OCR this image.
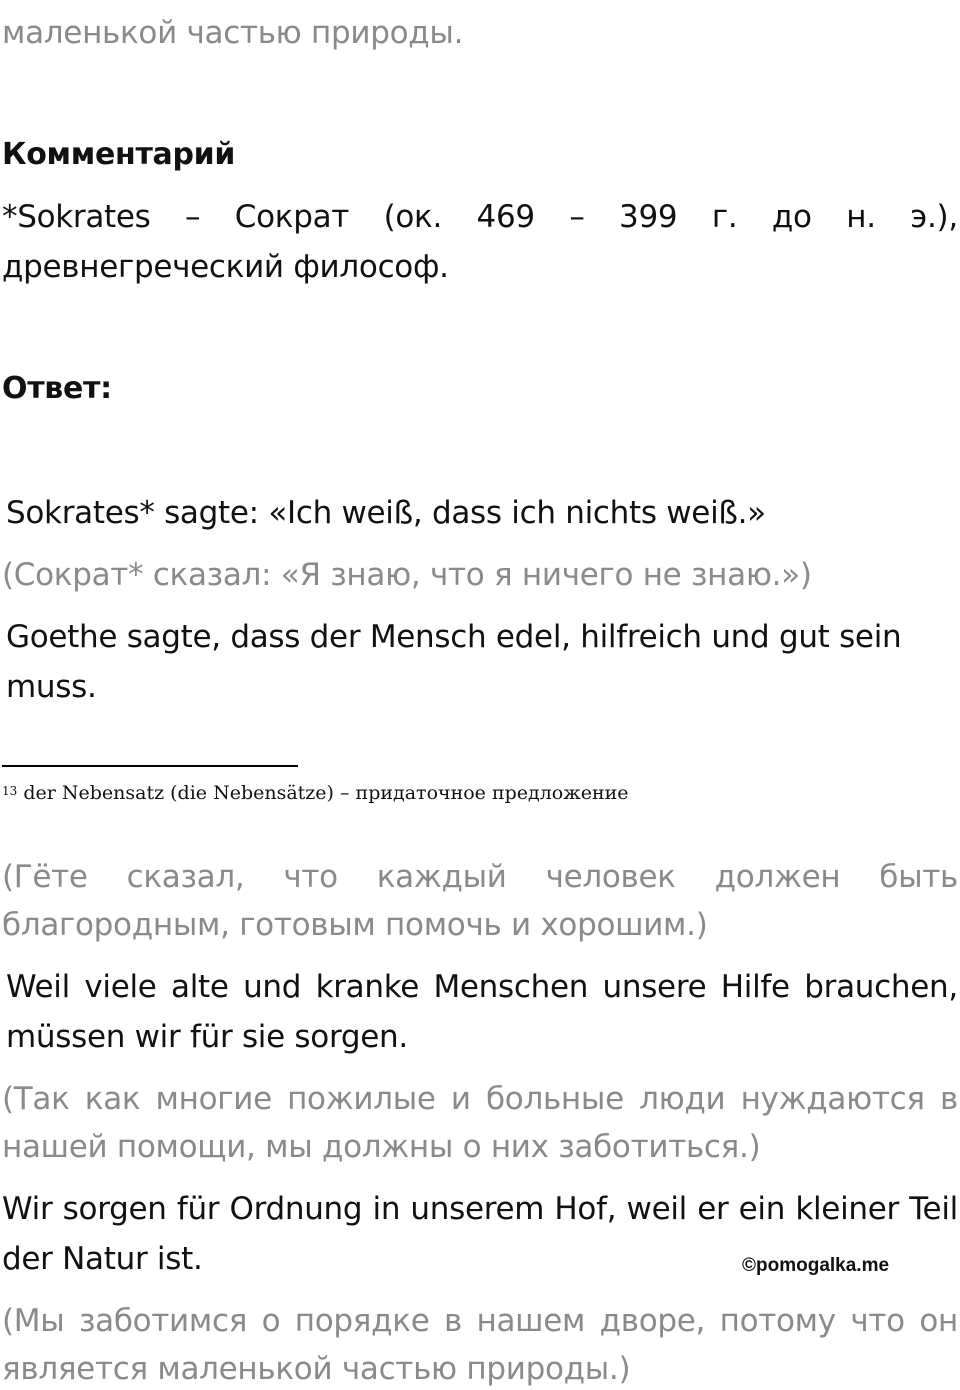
маленькой частью природы.
Комментарий
*Sokrates – Сократ (ок. 469 – 399 г. до н. э.),
древнегреческий философ.
Ответ:
Sokrates* sagte: «Ich weiß, dass ich nichts weiß.»
(Сократ* сказал: «Я знаю, что я ничего не знаю.»)
Goethe sagte, dass der Mensch edel, hilfreich und gut sein
muss.
$^{13}$ der Nebensatz (die Nebensätze) – придаточное предложение
(Гёте сказал, что каждый человек должен быть
благородным, готовым помочь и хорошим.)
Weil viele alte und kranke Menschen unsere Hilfe brauchen,
müssen wir für sie sorgen.
(Так как многие пожилые и больные люди нуждаются в
нашей помощи, мы должны о них заботиться.)
Wir sorgen für Ordnung in unserem Hof, weil er ein kleiner Teil
der Natur ist.	©pomogalka.me
(Мы заботимся о порядке в нашем дворе, потому что он
является маленькой частью природы.)
